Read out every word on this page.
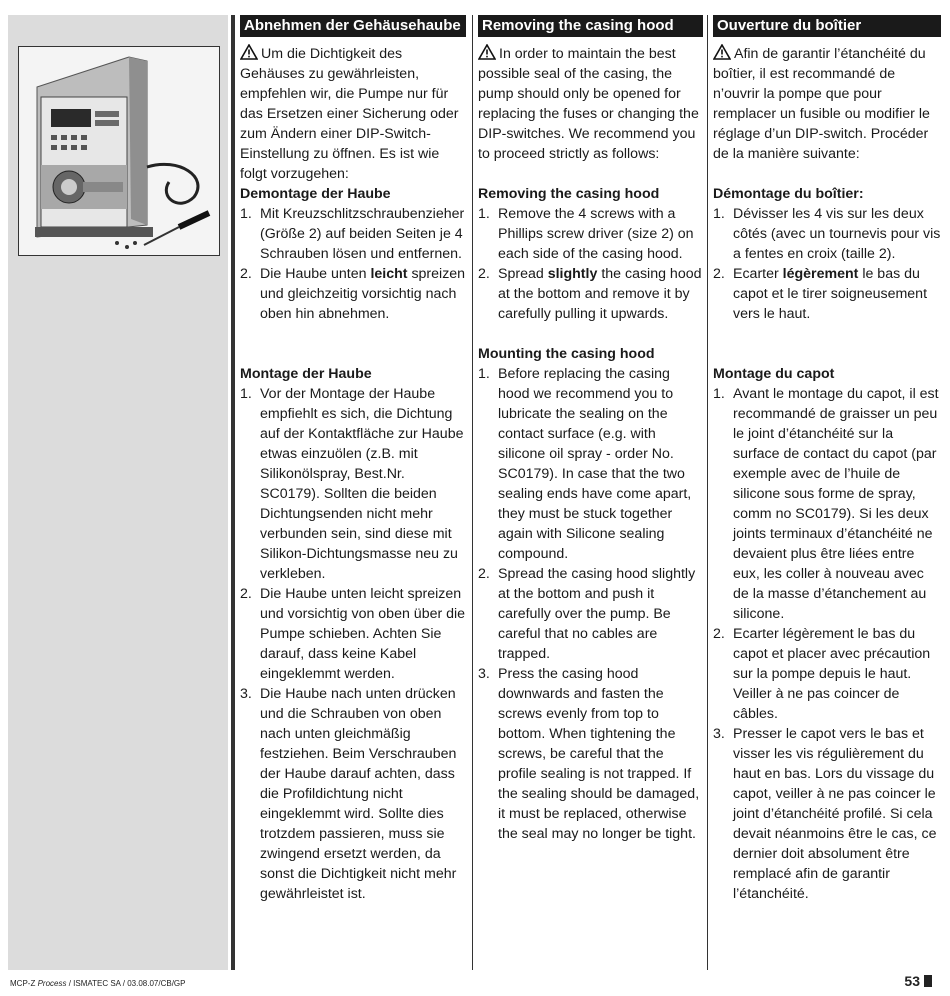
Abnehmen der Gehäusehaube

Um die Dichtigkeit des Gehäuses zu gewährleisten, empfehlen wir, die Pumpe nur für das Ersetzen einer Sicherung oder zum Ändern einer DIP-Switch-Einstellung zu öffnen. Es ist wie folgt vorzugehen:

Demontage der Haube

1. Mit Kreuzschlitzschraubenzieher (Größe 2) auf beiden Seiten je 4 Schrauben lösen und entfernen.
2. Die Haube unten leicht spreizen und gleichzeitig vorsichtig nach oben hin abnehmen.

Montage der Haube

1. Vor der Montage der Haube empfiehlt es sich, die Dichtung auf der Kontaktfläche zur Haube etwas einzuölen (z.B. mit Silikonölspray, Best.Nr. SC0179). Sollten die beiden Dichtungsenden nicht mehr verbunden sein, sind diese mit Silikon-Dichtungsmasse neu zu verkleben.
2. Die Haube unten leicht spreizen und vorsichtig von oben über die Pumpe schieben. Achten Sie darauf, dass keine Kabel eingeklemmt werden.
3. Die Haube nach unten drücken und die Schrauben von oben nach unten gleichmäßig festziehen. Beim Verschrauben der Haube darauf achten, dass die Profildichtung nicht eingeklemmt wird. Sollte dies trotzdem passieren, muss sie zwingend ersetzt werden, da sonst die Dichtigkeit nicht mehr gewährleistet ist.
Removing the casing hood

In order to maintain the best possible seal of the casing, the pump should only be opened for replacing the fuses or changing the DIP-switches. We recommend you to proceed strictly as follows:

Removing the casing hood

1. Remove the 4 screws with a Phillips screw driver (size 2) on each side of the casing hood.
2. Spread slightly the casing hood at the bottom and remove it by carefully pulling it upwards.

Mounting the casing hood

1. Before replacing the casing hood we recommend you to lubricate the sealing on the contact surface (e.g. with silicone oil spray - order No. SC0179). In case that the two sealing ends have come apart, they must be stuck together again with Silicone sealing compound.
2. Spread the casing hood slightly at the bottom and push it carefully over the pump. Be careful that no cables are trapped.
3. Press the casing hood downwards and fasten the screws evenly from top to bottom. When tightening the screws, be careful that the profile sealing is not trapped. If the sealing should be damaged, it must be replaced, otherwise the seal may no longer be tight.
Ouverture du boîtier

Afin de garantir l’étanchéité du boîtier, il est recommandé de n’ouvrir la pompe que pour remplacer un fusible ou modifier le réglage d’un DIP-switch. Procéder de la manière suivante:

Démontage du boîtier:

1. Dévisser les 4 vis sur les deux côtés (avec un tournevis pour vis a fentes en croix (taille 2).
2. Ecarter légèrement le bas du capot et le tirer soigneusement vers le haut.

Montage du capot

1. Avant le montage du capot, il est recommandé de graisser un peu le joint d’étanchéité sur la surface de contact du capot (par exemple avec de l’huile de silicone sous forme de spray, comm no SC0179). Si les deux joints terminaux d’étanchéité ne devaient plus être liées entre eux, les coller à nouveau avec de la masse d’étanchement au silicone.
2. Ecarter légèrement le bas du capot et placer avec précaution sur la pompe depuis le haut. Veiller à ne pas coincer de câbles.
3. Presser le capot vers le bas et visser les vis régulièrement du haut en bas. Lors du vissage du capot, veiller à ne pas coincer le joint d’étanchéité profilé. Si cela devait néanmoins être le cas, ce dernier doit absolument être remplacé afin de garantir l’étanchéité.
MCP-Z Process / ISMATEC SA / 03.08.07/CB/GP	53
